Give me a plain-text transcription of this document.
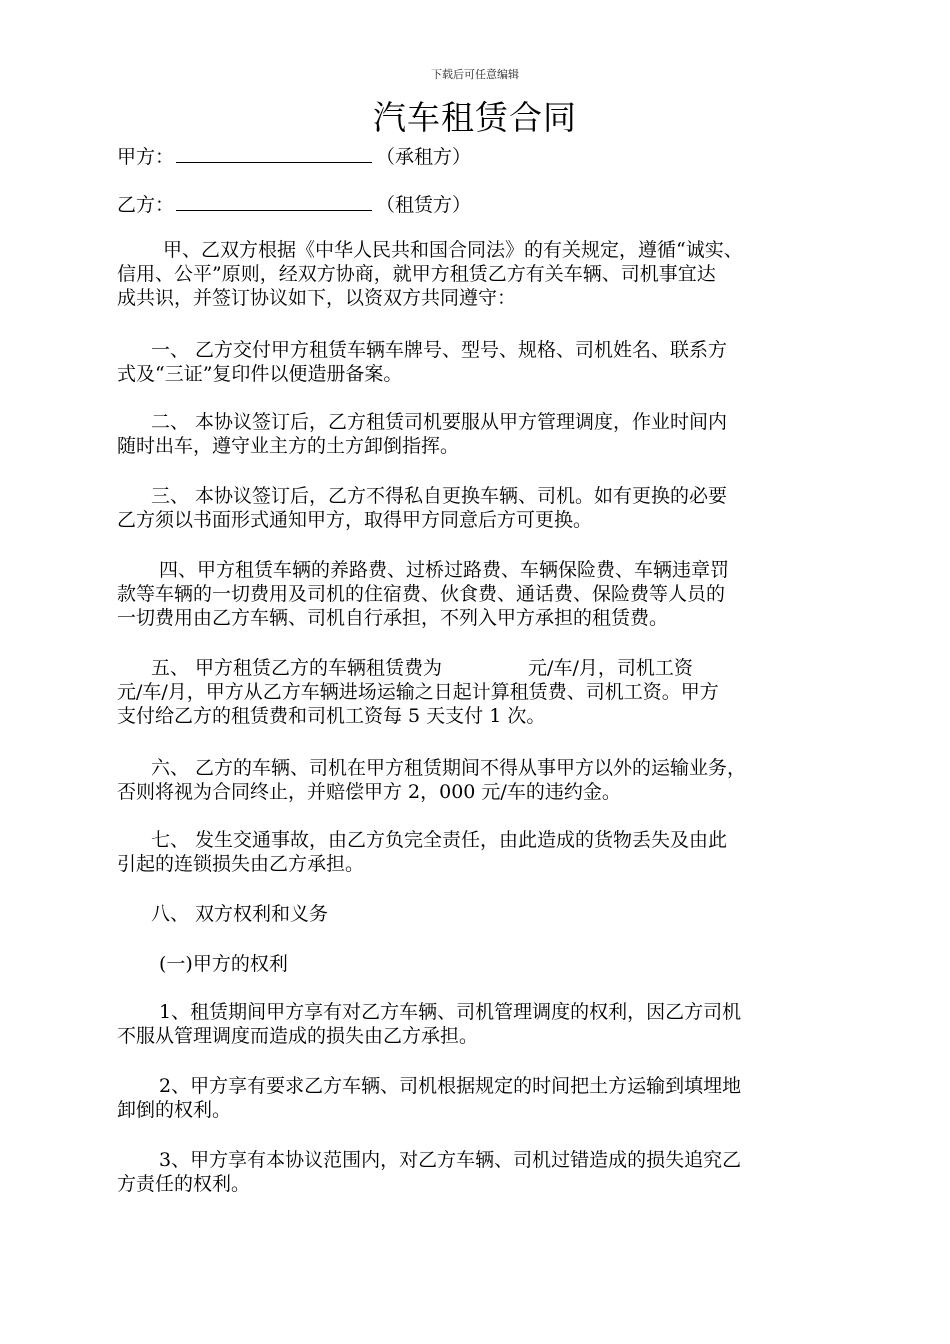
下载后可任意编辑
汽车租赁合同
甲方：	（承租方）
乙方：	（租赁方）
甲、乙双方根据《中华人民共和国合同法》的有关规定，遵循“诚实、
信用、公平”原则，经双方协商，就甲方租赁乙方有关车辆、司机事宜达
成共识，并签订协议如下，以资双方共同遵守：
一、 乙方交付甲方租赁车辆车牌号、型号、规格、司机姓名、联系方
式及“三证”复印件以便造册备案。
二、 本协议签订后，乙方租赁司机要服从甲方管理调度，作业时间内
随时出车，遵守业主方的土方卸倒指挥。
三、 本协议签订后，乙方不得私自更换车辆、司机。如有更换的必要
乙方须以书面形式通知甲方，取得甲方同意后方可更换。
四、甲方租赁车辆的养路费、过桥过路费、车辆保险费、车辆违章罚
款等车辆的一切费用及司机的住宿费、伙食费、通话费、保险费等人员的
一切费用由乙方车辆、司机自行承担，不列入甲方承担的租赁费。
五、 甲方租赁乙方的车辆租赁费为	元/车/月，司机工资
元/车/月，甲方从乙方车辆进场运输之日起计算租赁费、司机工资。甲方
支付给乙方的租赁费和司机工资每 5 天支付 1 次。
六、 乙方的车辆、司机在甲方租赁期间不得从事甲方以外的运输业务，
否则将视为合同终止，并赔偿甲方 2，000 元/车的违约金。
七、 发生交通事故，由乙方负完全责任，由此造成的货物丢失及由此
引起的连锁损失由乙方承担。
八、 双方权利和义务
(一)甲方的权利
1、租赁期间甲方享有对乙方车辆、司机管理调度的权利，因乙方司机
不服从管理调度而造成的损失由乙方承担。
2、甲方享有要求乙方车辆、司机根据规定的时间把土方运输到填埋地
卸倒的权利。
3、甲方享有本协议范围内，对乙方车辆、司机过错造成的损失追究乙
方责任的权利。
